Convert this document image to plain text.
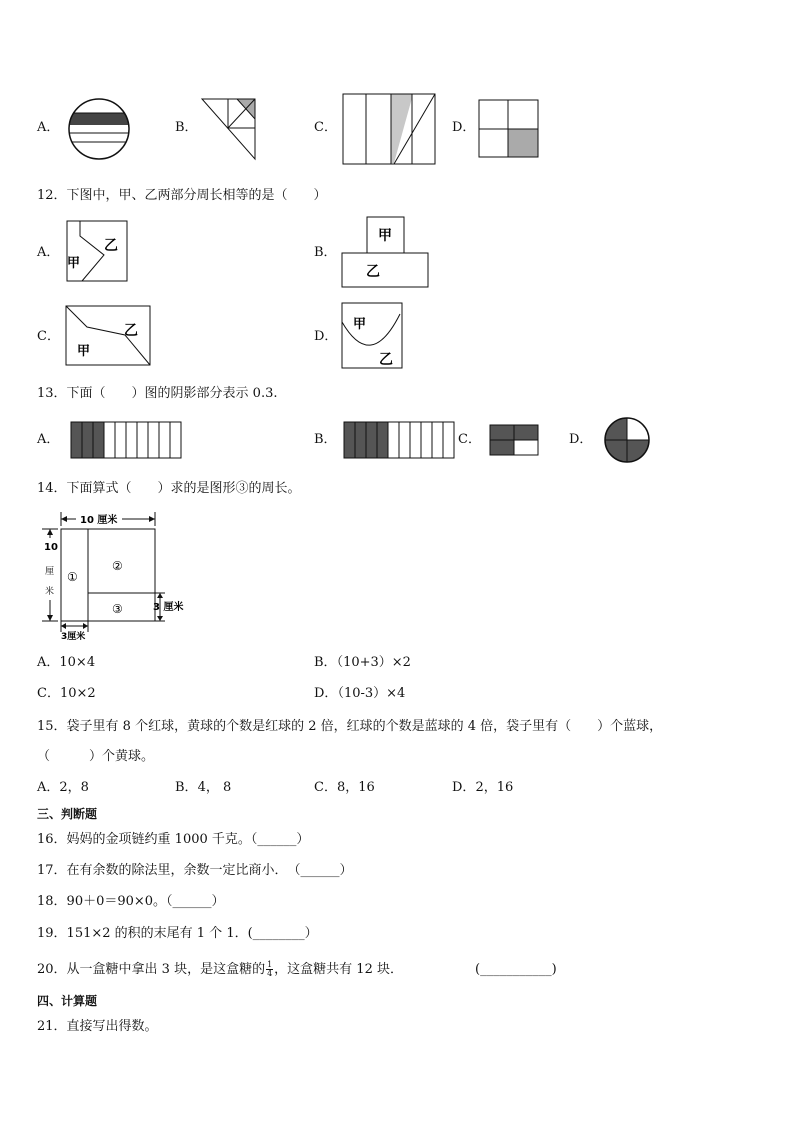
A．	B．	C．	D．
12．下图中，甲、乙两部分周长相等的是（　　）
A．	乙
甲
B．
甲
乙
C．	乙
甲
D．
甲
乙
13．下面（　　）图的阴影部分表示 0.3.
A．	B．	C．	D．
14．下面算式（　　）求的是图形③的周长。
10 厘米
10
厘
米
①
②
③	3 厘米
3厘米
A．10×4	B．（10+3）×2
C．10×2	D．（10-3）×4
15．袋子里有 8 个红球，黄球的个数是红球的 2 倍，红球的个数是蓝球的 4 倍，袋子里有（　　）个蓝球，
（　　　）个黄球。
A．2，8	B．4， 8	C．8，16	D．2，16
三、判断题
16．妈妈的金项链约重 1000 千克。（______）
17．在有余数的除法里，余数一定比商小．　（______）
18．90＋0＝90×0。（______）
19．151×2 的积的末尾有 1 个 1．(________）
20．从一盒糖中拿出 3 块，是这盒糖的 $\frac{1}{4}$ ，这盒糖共有 12 块．	(___________)
四、计算题
21．直接写出得数。
